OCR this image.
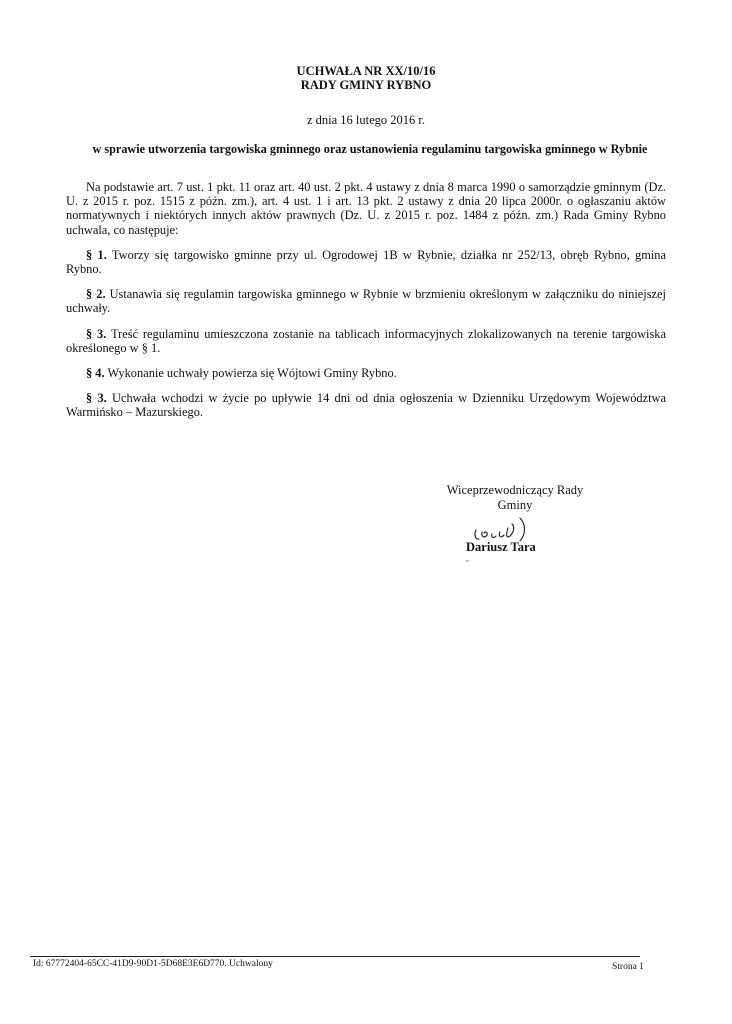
UCHWAŁA NR XX/10/16
RADY GMINY RYBNO
z dnia 16 lutego 2016 r.
w sprawie utworzenia targowiska gminnego oraz ustanowienia regulaminu targowiska gminnego w Rybnie

Na podstawie art. 7 ust. 1 pkt. 11 oraz art. 40 ust. 2 pkt. 4 ustawy z dnia 8 marca 1990 o samorządzie gminnym (Dz. U. z 2015 r. poz. 1515 z późn. zm.), art. 4 ust. 1 i art. 13 pkt. 2 ustawy z dnia 20 lipca 2000r. o ogłaszaniu aktów normatywnych i niektórych innych aktów prawnych (Dz. U. z 2015 r. poz. 1484 z późn. zm.) Rada Gminy Rybno uchwala, co następuje:

§ 1. Tworzy się targowisko gminne przy ul. Ogrodowej 1B w Rybnie, działka nr 252/13, obręb Rybno, gmina Rybno.

§ 2. Ustanawia się regulamin targowiska gminnego w Rybnie w brzmieniu określonym w załączniku do niniejszej uchwały.

§ 3. Treść regulaminu umieszczona zostanie na tablicach informacyjnych zlokalizowanych na terenie targowiska określonego w § 1.

§ 4. Wykonanie uchwały powierza się Wójtowi Gminy Rybno.

§ 3. Uchwała wchodzi w życie po upływie 14 dni od dnia ogłoszenia w Dzienniku Urzędowym Województwa Warmińsko – Mazurskiego.

Wiceprzewodniczący Rady
Gminy
Dariusz Tara
ˇ
Id: 67772404-65CC-41D9-90D1-5D68E3E6D770. Uchwalony	Strona 1
